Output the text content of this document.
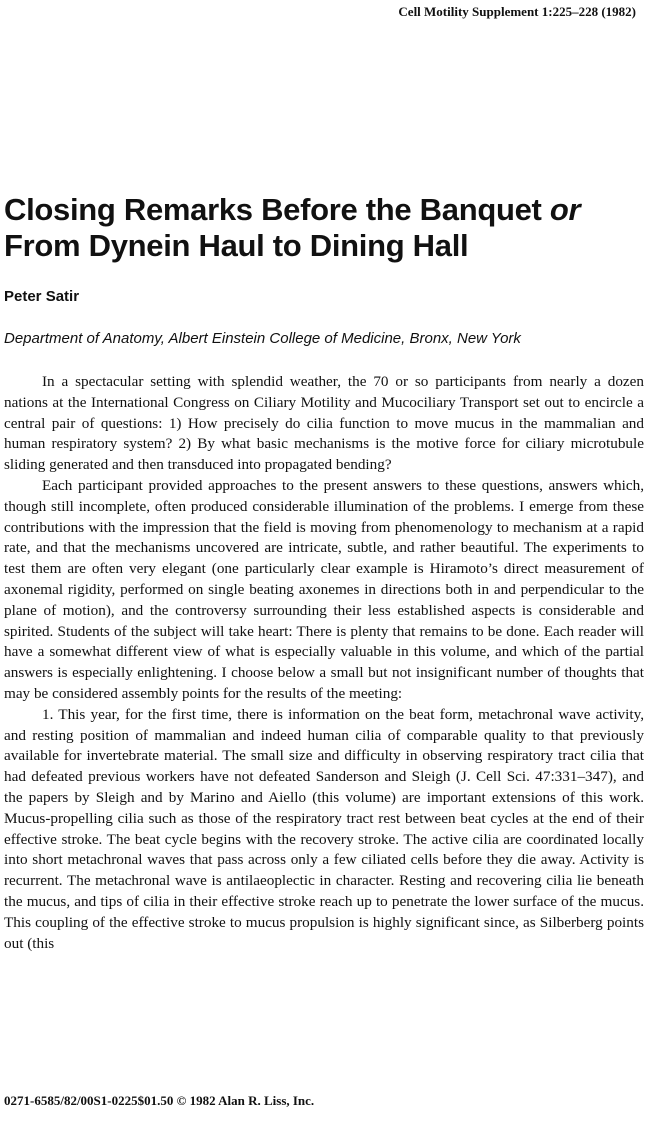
Cell Motility Supplement 1:225–228 (1982)
Closing Remarks Before the Banquet or
From Dynein Haul to Dining Hall
Peter Satir
Department of Anatomy, Albert Einstein College of Medicine, Bronx, New York

In a spectacular setting with splendid weather, the 70 or so participants from nearly a dozen nations at the International Congress on Ciliary Motility and Mucociliary Transport set out to encircle a central pair of questions: 1) How precisely do cilia function to move mucus in the mammalian and human respiratory system? 2) By what basic mechanisms is the motive force for ciliary microtubule sliding generated and then transduced into propagated bending?

Each participant provided approaches to the present answers to these questions, answers which, though still incomplete, often produced considerable illumination of the problems. I emerge from these contributions with the impression that the field is moving from phenomenology to mechanism at a rapid rate, and that the mechanisms uncovered are intricate, subtle, and rather beautiful. The experiments to test them are often very elegant (one particularly clear example is Hiramoto’s direct measurement of axonemal rigidity, performed on single beating axonemes in directions both in and perpendicular to the plane of motion), and the controversy surrounding their less established aspects is considerable and spirited. Students of the subject will take heart: There is plenty that remains to be done. Each reader will have a somewhat different view of what is especially valuable in this volume, and which of the partial answers is especially enlightening. I choose below a small but not insignificant number of thoughts that may be considered assembly points for the results of the meeting:

1. This year, for the first time, there is information on the beat form, metachronal wave activity, and resting position of mammalian and indeed human cilia of comparable quality to that previously available for invertebrate material. The small size and difficulty in observing respiratory tract cilia that had defeated previous workers have not defeated Sanderson and Sleigh (J. Cell Sci. 47:331–347), and the papers by Sleigh and by Marino and Aiello (this volume) are important extensions of this work. Mucus-propelling cilia such as those of the respiratory tract rest between beat cycles at the end of their effective stroke. The beat cycle begins with the recovery stroke. The active cilia are coordinated locally into short metachronal waves that pass across only a few ciliated cells before they die away. Activity is recurrent. The metachronal wave is antilaeoplectic in character. Resting and recovering cilia lie beneath the mucus, and tips of cilia in their effective stroke reach up to penetrate the lower surface of the mucus. This coupling of the effective stroke to mucus propulsion is highly significant since, as Silberberg points out (this

0271-6585/82/00S1-0225$01.50 © 1982 Alan R. Liss, Inc.
